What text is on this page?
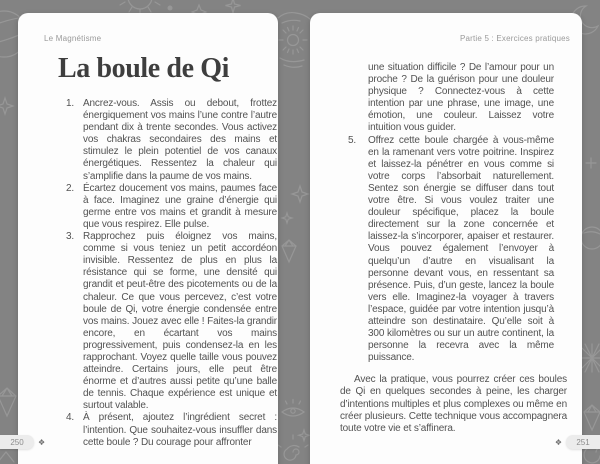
Le Magnétisme
La boule de Qi
1. Ancrez-vous. Assis ou debout, frottez énergiquement vos mains l’une contre l’autre pendant dix à trente secondes. Vous activez vos chakras secondaires des mains et stimulez le plein potentiel de vos canaux énergétiques. Ressentez la chaleur qui s’amplifie dans la paume de vos mains.
2. Écartez doucement vos mains, paumes face à face. Imaginez une graine d’énergie qui germe entre vos mains et grandit à mesure que vous respirez. Elle pulse.
3. Rapprochez puis éloignez vos mains, comme si vous teniez un petit accordéon invisible. Ressentez de plus en plus la résistance qui se forme, une densité qui grandit et peut-être des picotements ou de la chaleur. Ce que vous percevez, c’est votre boule de Qi, votre énergie condensée entre vos mains. Jouez avec elle ! Faites-la grandir encore, en écartant vos mains progressivement, puis condensez-la en les rapprochant. Voyez quelle taille vous pouvez atteindre. Certains jours, elle peut être énorme et d’autres aussi petite qu’une balle de tennis. Chaque expérience est unique et surtout valable.
4. À présent, ajoutez l’ingrédient secret : l’intention. Que souhaitez-vous insuffler dans cette boule ? Du courage pour affronter
Partie 5 : Exercices pratiques
une situation difficile ? De l’amour pour un proche ? De la guérison pour une douleur physique ? Connectez-vous à cette intention par une phrase, une image, une émotion, une couleur. Laissez votre intuition vous guider.
5. Offrez cette boule chargée à vous-même en la ramenant vers votre poitrine. Inspirez et laissez-la pénétrer en vous comme si votre corps l’absorbait naturellement. Sentez son énergie se diffuser dans tout votre être. Si vous voulez traiter une douleur spécifique, placez la boule directement sur la zone concernée et laissez-la s’incorporer, apaiser et restaurer. Vous pouvez également l’envoyer à quelqu’un d’autre en visualisant la personne devant vous, en ressentant sa présence. Puis, d’un geste, lancez la boule vers elle. Imaginez-la voyager à travers l’espace, guidée par votre intention jusqu’à atteindre son destinataire. Qu’elle soit à 300 kilomètres ou sur un autre continent, la personne la recevra avec la même puissance.

Avec la pratique, vous pourrez créer ces boules de Qi en quelques secondes à peine, les charger d’intentions multiples et plus complexes ou même en créer plusieurs. Cette technique vous accompagnera toute votre vie et s’affinera.

250 ❖	❖ 251
